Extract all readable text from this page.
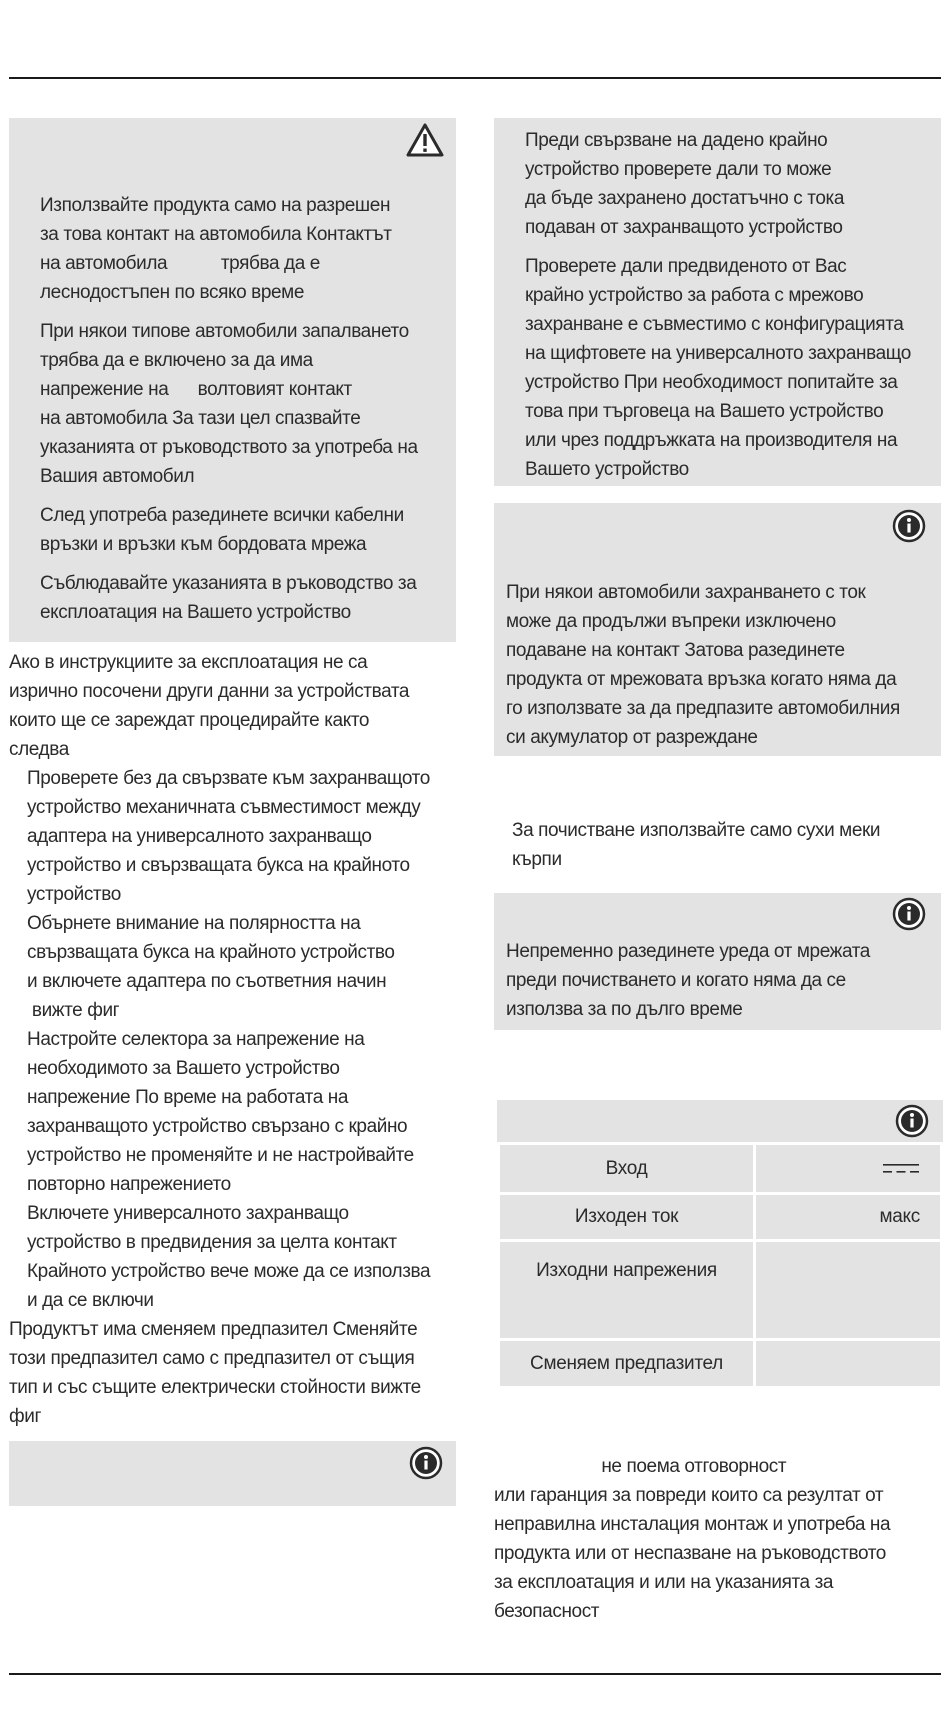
Използвайте продукта само на разрешен
за това контакт на автомобила Контактът
на автомобила           трябва да е
леснодостъпен по всяко време
При някои типове автомобили запалването
трябва да е включено за да има
напрежение на      волтовият контакт
на автомобила За тази цел спазвайте
указанията от ръководството за употреба на
Вашия автомобил
След употреба разединете всички кабелни
връзки и връзки към бордовата мрежа
Съблюдавайте указанията в ръководство за
експлоатация на Вашето устройство
Ако в инструкциите за експлоатация не са
изрично посочени други данни за устройствата
които ще се зареждат процедирайте както
следва
Проверете без да свързвате към захранващото
устройство механичната съвместимост между
адаптера на универсалното захранващо
устройство и свързващата букса на крайното
устройство
Обърнете внимание на полярността на
свързващата букса на крайното устройство
и включете адаптера по съответния начин
вижте фиг
Настройте селектора за напрежение на
необходимото за Вашето устройство
напрежение По време на работата на
захранващото устройство свързано с крайно
устройство не променяйте и не настройвайте
повторно напрежението
Включете универсалното захранващо
устройство в предвидения за целта контакт
Крайното устройство вече може да се използва
и да се включи
Продуктът има сменяем предпазител Сменяйте
този предпазител само с предпазител от същия
тип и със същите електрически стойности вижте
фиг
Преди свързване на дадено крайно
устройство проверете дали то може
да бъде захранено достатъчно с тока
подаван от захранващото устройство
Проверете дали предвиденото от Вас
крайно устройство за работа с мрежово
захранване е съвместимо с конфигурацията
на щифтовете на универсалното захранващо
устройство При необходимост попитайте за
това при търговеца на Вашето устройство
или чрез поддръжката на производителя на
Вашето устройство
При някои автомобили захранването с ток
може да продължи въпреки изключено
подаване на контакт Затова разединете
продукта от мрежовата връзка когато няма да
го използвате за да предпазите автомобилния
си акумулатор от разреждане
За почистване използвайте само сухи меки
кърпи
Непременно разединете уреда от мрежата
преди почистването и когато няма да се
използва за по дълго време
Вход	
Изходен ток	макс
Изходни напрежения	
Сменяем предпазител	
не поема отговорност
или гаранция за повреди които са резултат от
неправилна инсталация монтаж и употреба на
продукта или от неспазване на ръководството
за експлоатация и или на указанията за
безопасност
